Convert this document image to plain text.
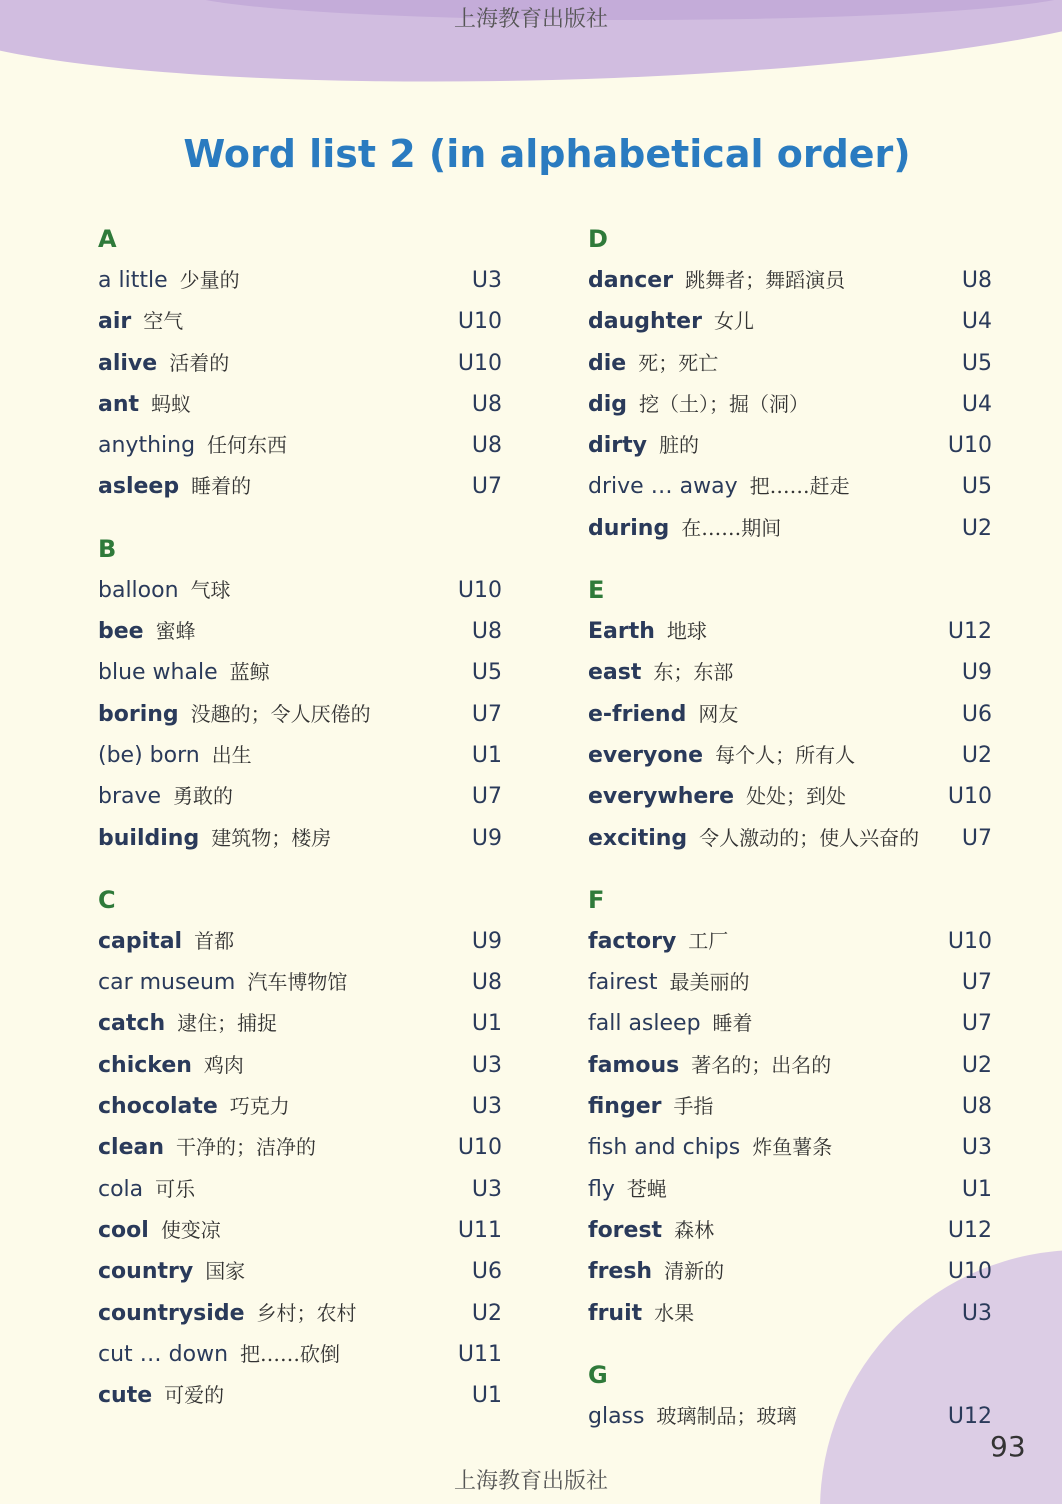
上海教育出版社
Word list 2 (in alphabetical order)
A
a little 少量的	U3
air 空气	U10
alive 活着的	U10
ant 蚂蚁	U8
anything 任何东西	U8
asleep 睡着的	U7
B
balloon 气球	U10
bee 蜜蜂	U8
blue whale 蓝鲸	U5
boring 没趣的；令人厌倦的	U7
(be) born 出生	U1
brave 勇敢的	U7
building 建筑物；楼房	U9
C
capital 首都	U9
car museum 汽车博物馆	U8
catch 逮住；捕捉	U1
chicken 鸡肉	U3
chocolate 巧克力	U3
clean 干净的；洁净的	U10
cola 可乐	U3
cool 使变凉	U11
country 国家	U6
countryside 乡村；农村	U2
cut … down 把……砍倒	U11
cute 可爱的	U1
D
dancer 跳舞者；舞蹈演员	U8
daughter 女儿	U4
die 死；死亡	U5
dig 挖（土）；掘（洞）	U4
dirty 脏的	U10
drive … away 把……赶走	U5
during 在……期间	U2
E
Earth 地球	U12
east 东；东部	U9
e-friend 网友	U6
everyone 每个人；所有人	U2
everywhere 处处；到处	U10
exciting 令人激动的；使人兴奋的 U7
F
factory 工厂	U10
fairest 最美丽的	U7
fall asleep 睡着	U7
famous 著名的；出名的	U2
finger 手指	U8
fish and chips 炸鱼薯条	U3
fly 苍蝇	U1
forest 森林	U12
fresh 清新的	U10
fruit 水果	U3
G
glass 玻璃制品；玻璃	U12
93
上海教育出版社
